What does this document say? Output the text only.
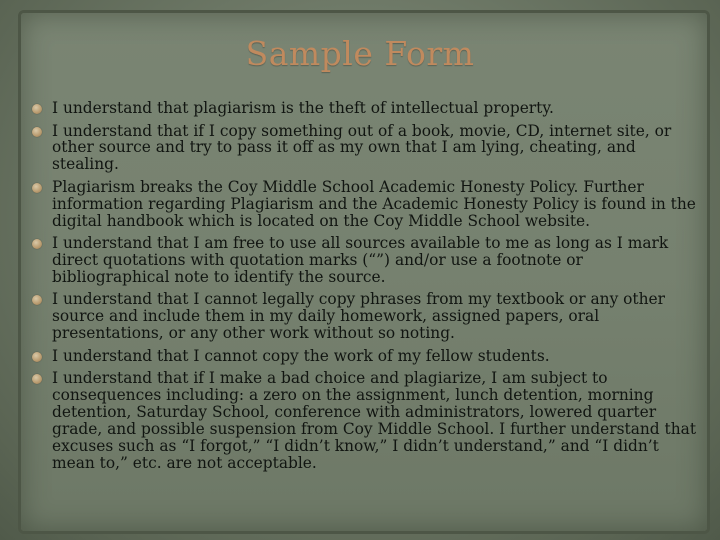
Sample Form
I understand that plagiarism is the theft of intellectual property.
I understand that if I copy something out of a book, movie, CD, internet site, or other source and try to pass it off as my own that I am lying, cheating, and stealing.
Plagiarism breaks the Coy Middle School Academic Honesty Policy. Further information regarding Plagiarism and the Academic Honesty Policy is found in the digital handbook which is located on the Coy Middle School website.
I understand that I am free to use all sources available to me as long as I mark direct quotations with quotation marks (“”) and/or use a footnote or bibliographical note to identify the source.
I understand that I cannot legally copy phrases from my textbook or any other source and include them in my daily homework, assigned papers, oral presentations, or any other work without so noting.
I understand that I cannot copy the work of my fellow students.
I understand that if I make a bad choice and plagiarize, I am subject to consequences including: a zero on the assignment, lunch detention, morning detention, Saturday School, conference with administrators, lowered quarter grade, and possible suspension from Coy Middle School. I further understand that excuses such as “I forgot,” “I didn’t know,” I didn’t understand,” and “I didn’t mean to,” etc. are not acceptable.
